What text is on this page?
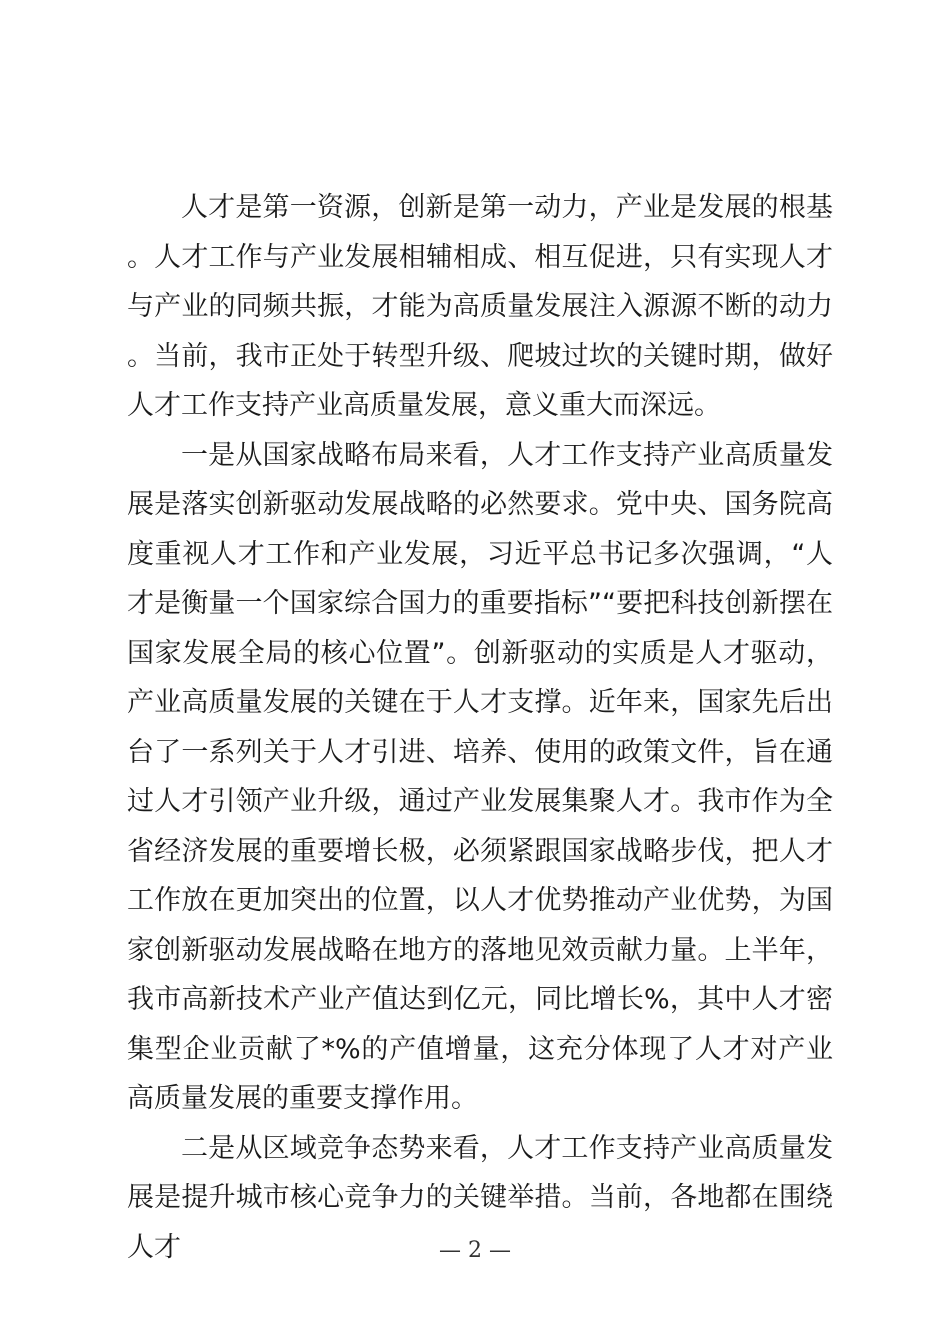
人才是第一资源，创新是第一动力，产业是发展的根基。人才工作与产业发展相辅相成、相互促进，只有实现人才与产业的同频共振，才能为高质量发展注入源源不断的动力。当前，我市正处于转型升级、爬坡过坎的关键时期，做好人才工作支持产业高质量发展，意义重大而深远。

一是从国家战略布局来看，人才工作支持产业高质量发展是落实创新驱动发展战略的必然要求。党中央、国务院高度重视人才工作和产业发展，习近平总书记多次强调，“人才是衡量一个国家综合国力的重要指标”“要把科技创新摆在国家发展全局的核心位置”。创新驱动的实质是人才驱动，产业高质量发展的关键在于人才支撑。近年来，国家先后出台了一系列关于人才引进、培养、使用的政策文件，旨在通过人才引领产业升级，通过产业发展集聚人才。我市作为全省经济发展的重要增长极，必须紧跟国家战略步伐，把人才工作放在更加突出的位置，以人才优势推动产业优势，为国家创新驱动发展战略在地方的落地见效贡献力量。上半年，我市高新技术产业产值达到亿元，同比增长%，其中人才密集型企业贡献了*%的产值增量，这充分体现了人才对产业高质量发展的重要支撑作用。

二是从区域竞争态势来看，人才工作支持产业高质量发展是提升城市核心竞争力的关键举措。当前，各地都在围绕人才	— 2 —
